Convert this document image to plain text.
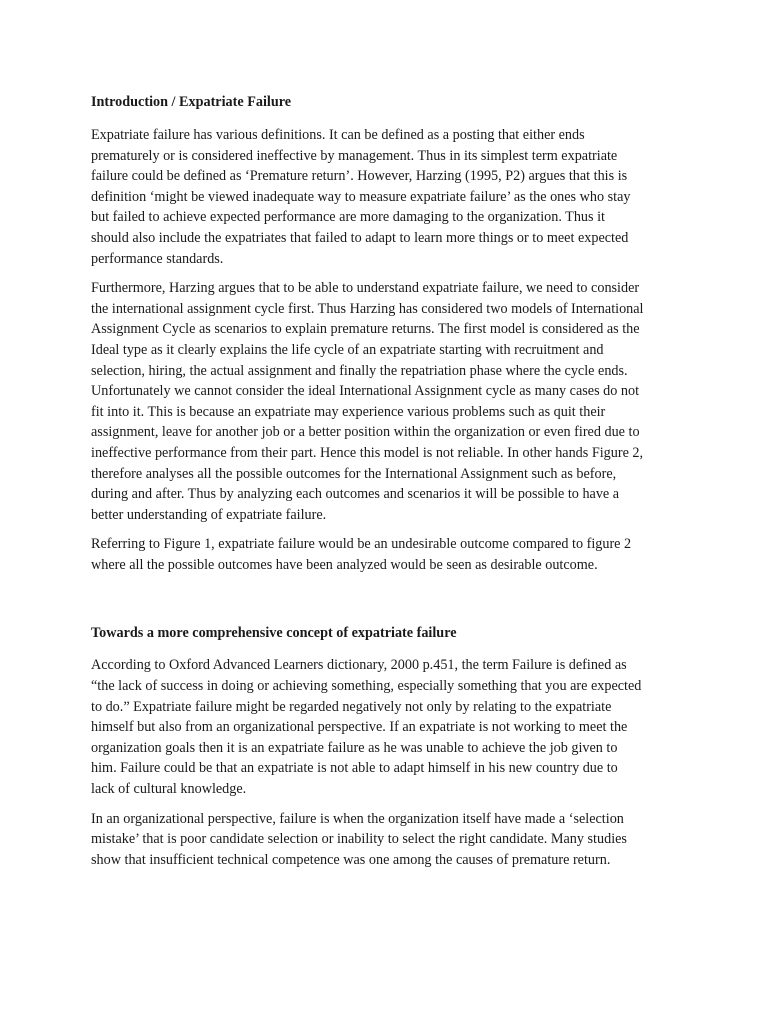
Introduction / Expatriate Failure

Expatriate failure has various definitions. It can be defined as a posting that either ends
prematurely or is considered ineffective by management. Thus in its simplest term expatriate
failure could be defined as ‘Premature return’. However, Harzing (1995, P2) argues that this is
definition ‘might be viewed inadequate way to measure expatriate failure’ as the ones who stay
but failed to achieve expected performance are more damaging to the organization. Thus it
should also include the expatriates that failed to adapt to learn more things or to meet expected
performance standards.

Furthermore, Harzing argues that to be able to understand expatriate failure, we need to consider
the international assignment cycle first. Thus Harzing has considered two models of International
Assignment Cycle as scenarios to explain premature returns. The first model is considered as the
Ideal type as it clearly explains the life cycle of an expatriate starting with recruitment and
selection, hiring, the actual assignment and finally the repatriation phase where the cycle ends.
Unfortunately we cannot consider the ideal International Assignment cycle as many cases do not
fit into it. This is because an expatriate may experience various problems such as quit their
assignment, leave for another job or a better position within the organization or even fired due to
ineffective performance from their part. Hence this model is not reliable. In other hands Figure 2,
therefore analyses all the possible outcomes for the International Assignment such as before,
during and after. Thus by analyzing each outcomes and scenarios it will be possible to have a
better understanding of expatriate failure.

Referring to Figure 1, expatriate failure would be an undesirable outcome compared to figure 2
where all the possible outcomes have been analyzed would be seen as desirable outcome.

Towards a more comprehensive concept of expatriate failure

According to Oxford Advanced Learners dictionary, 2000 p.451, the term Failure is defined as
“the lack of success in doing or achieving something, especially something that you are expected
to do.” Expatriate failure might be regarded negatively not only by relating to the expatriate
himself but also from an organizational perspective. If an expatriate is not working to meet the
organization goals then it is an expatriate failure as he was unable to achieve the job given to
him. Failure could be that an expatriate is not able to adapt himself in his new country due to
lack of cultural knowledge.

In an organizational perspective, failure is when the organization itself have made a ‘selection
mistake’ that is poor candidate selection or inability to select the right candidate. Many studies
show that insufficient technical competence was one among the causes of premature return.
